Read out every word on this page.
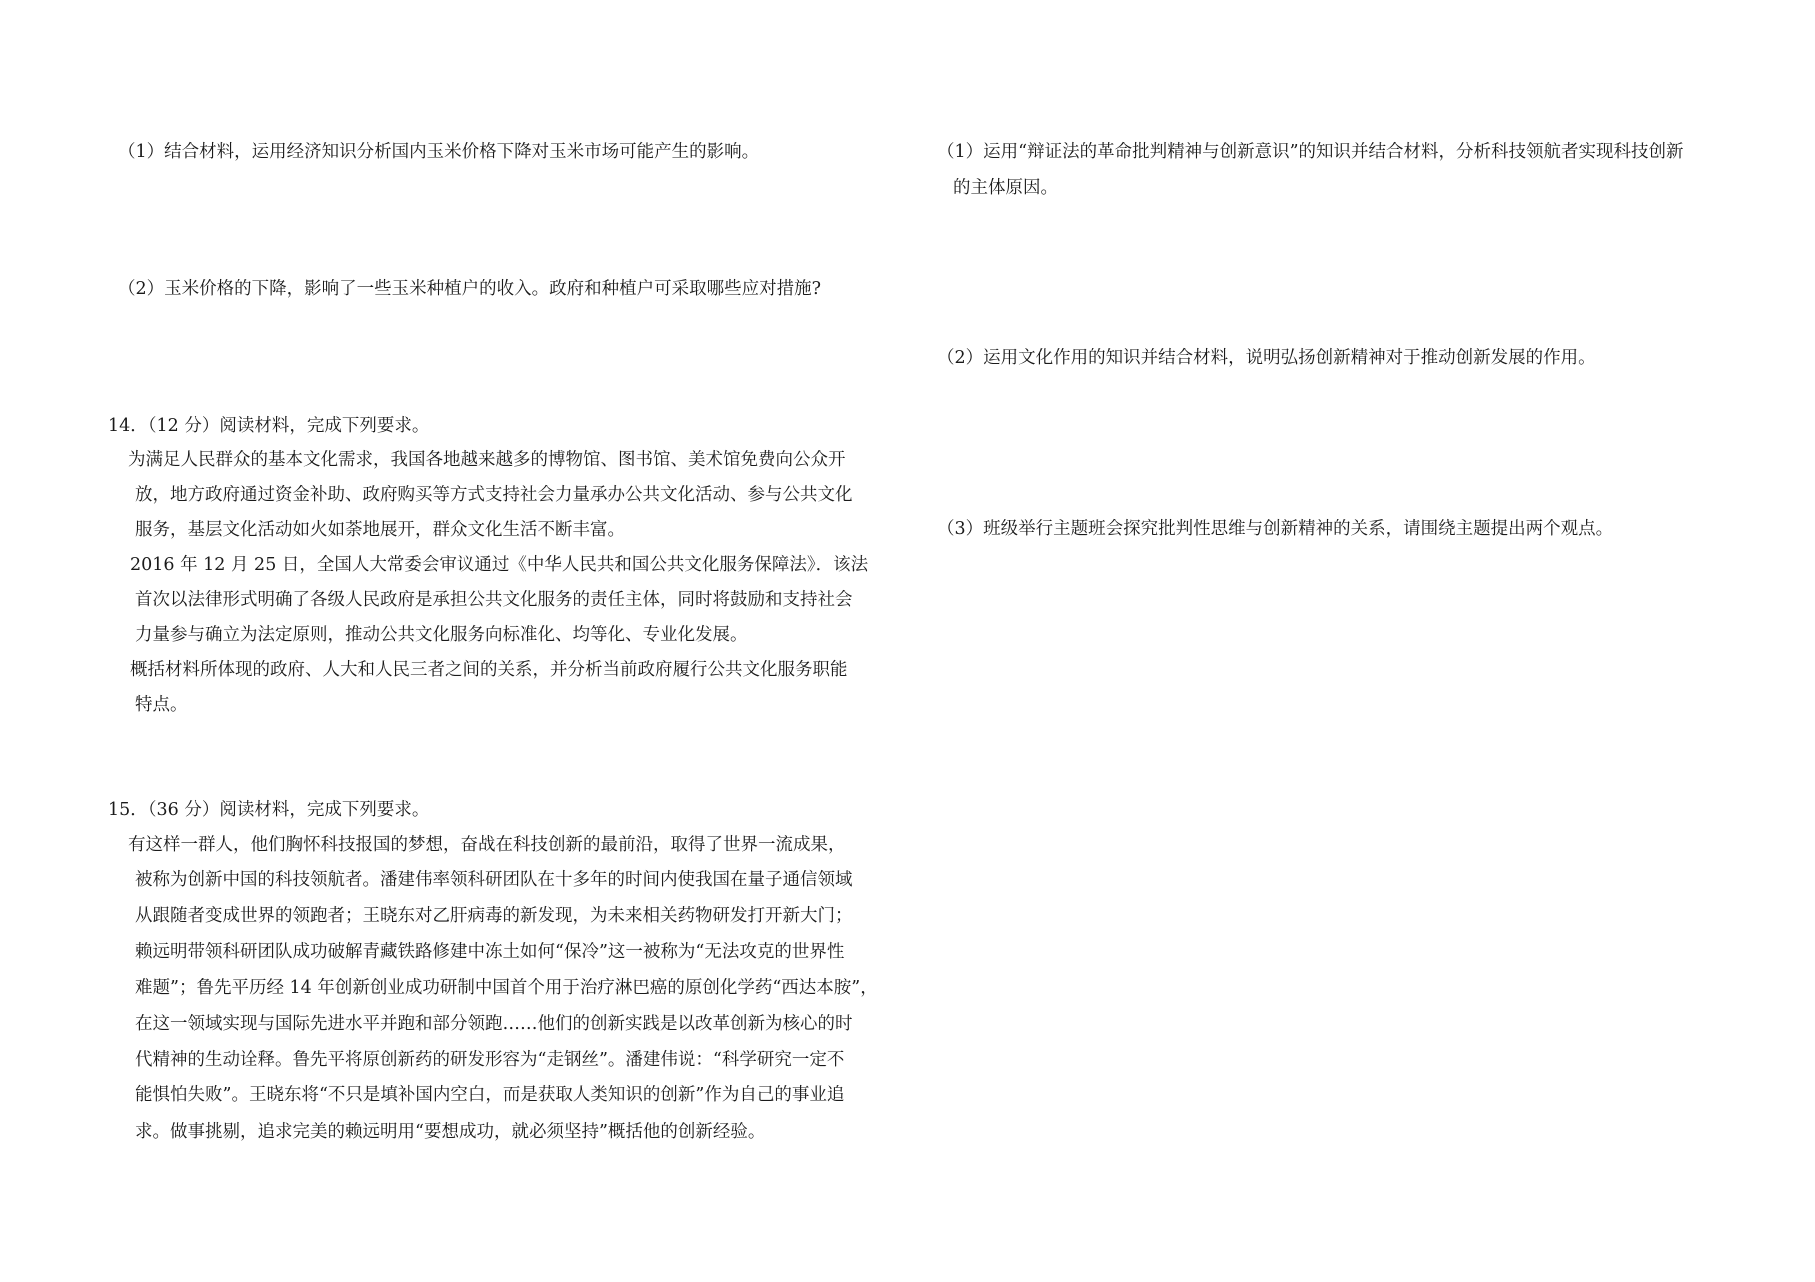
（1）结合材料，运用经济知识分析国内玉米价格下降对玉米市场可能产生的影响。
（2）玉米价格的下降，影响了一些玉米种植户的收入。政府和种植户可采取哪些应对措施?
14．（12 分）阅读材料，完成下列要求。
为满足人民群众的基本文化需求，我国各地越来越多的博物馆、图书馆、美术馆免费向公众开
放，地方政府通过资金补助、政府购买等方式支持社会力量承办公共文化活动、参与公共文化
服务，基层文化活动如火如荼地展开，群众文化生活不断丰富。
2016 年 12 月 25 日，全国人大常委会审议通过《中华人民共和国公共文化服务保障法》．该法
首次以法律形式明确了各级人民政府是承担公共文化服务的责任主体，同时将鼓励和支持社会
力量参与确立为法定原则，推动公共文化服务向标准化、均等化、专业化发展。
概括材料所体现的政府、人大和人民三者之间的关系，并分析当前政府履行公共文化服务职能
特点。
15．（36 分）阅读材料，完成下列要求。
有这样一群人，他们胸怀科技报国的梦想，奋战在科技创新的最前沿，取得了世界一流成果，
被称为创新中国的科技领航者。潘建伟率领科研团队在十多年的时间内使我国在量子通信领域
从跟随者变成世界的领跑者；王晓东对乙肝病毒的新发现，为未来相关药物研发打开新大门；
赖远明带领科研团队成功破解青藏铁路修建中冻土如何“保冷”这一被称为“无法攻克的世界性
难题”；鲁先平历经 14 年创新创业成功研制中国首个用于治疗淋巴癌的原创化学药“西达本胺”，
在这一领域实现与国际先进水平并跑和部分领跑……他们的创新实践是以改革创新为核心的时
代精神的生动诠释。鲁先平将原创新药的研发形容为“走钢丝”。潘建伟说：“科学研究一定不
能惧怕失败”。王晓东将“不只是填补国内空白，而是获取人类知识的创新”作为自己的事业追
求。做事挑剔，追求完美的赖远明用“要想成功，就必须坚持”概括他的创新经验。
（1）运用“辩证法的革命批判精神与创新意识”的知识并结合材料，分析科技领航者实现科技创新
的主体原因。
（2）运用文化作用的知识并结合材料，说明弘扬创新精神对于推动创新发展的作用。
（3）班级举行主题班会探究批判性思维与创新精神的关系，请围绕主题提出两个观点。
